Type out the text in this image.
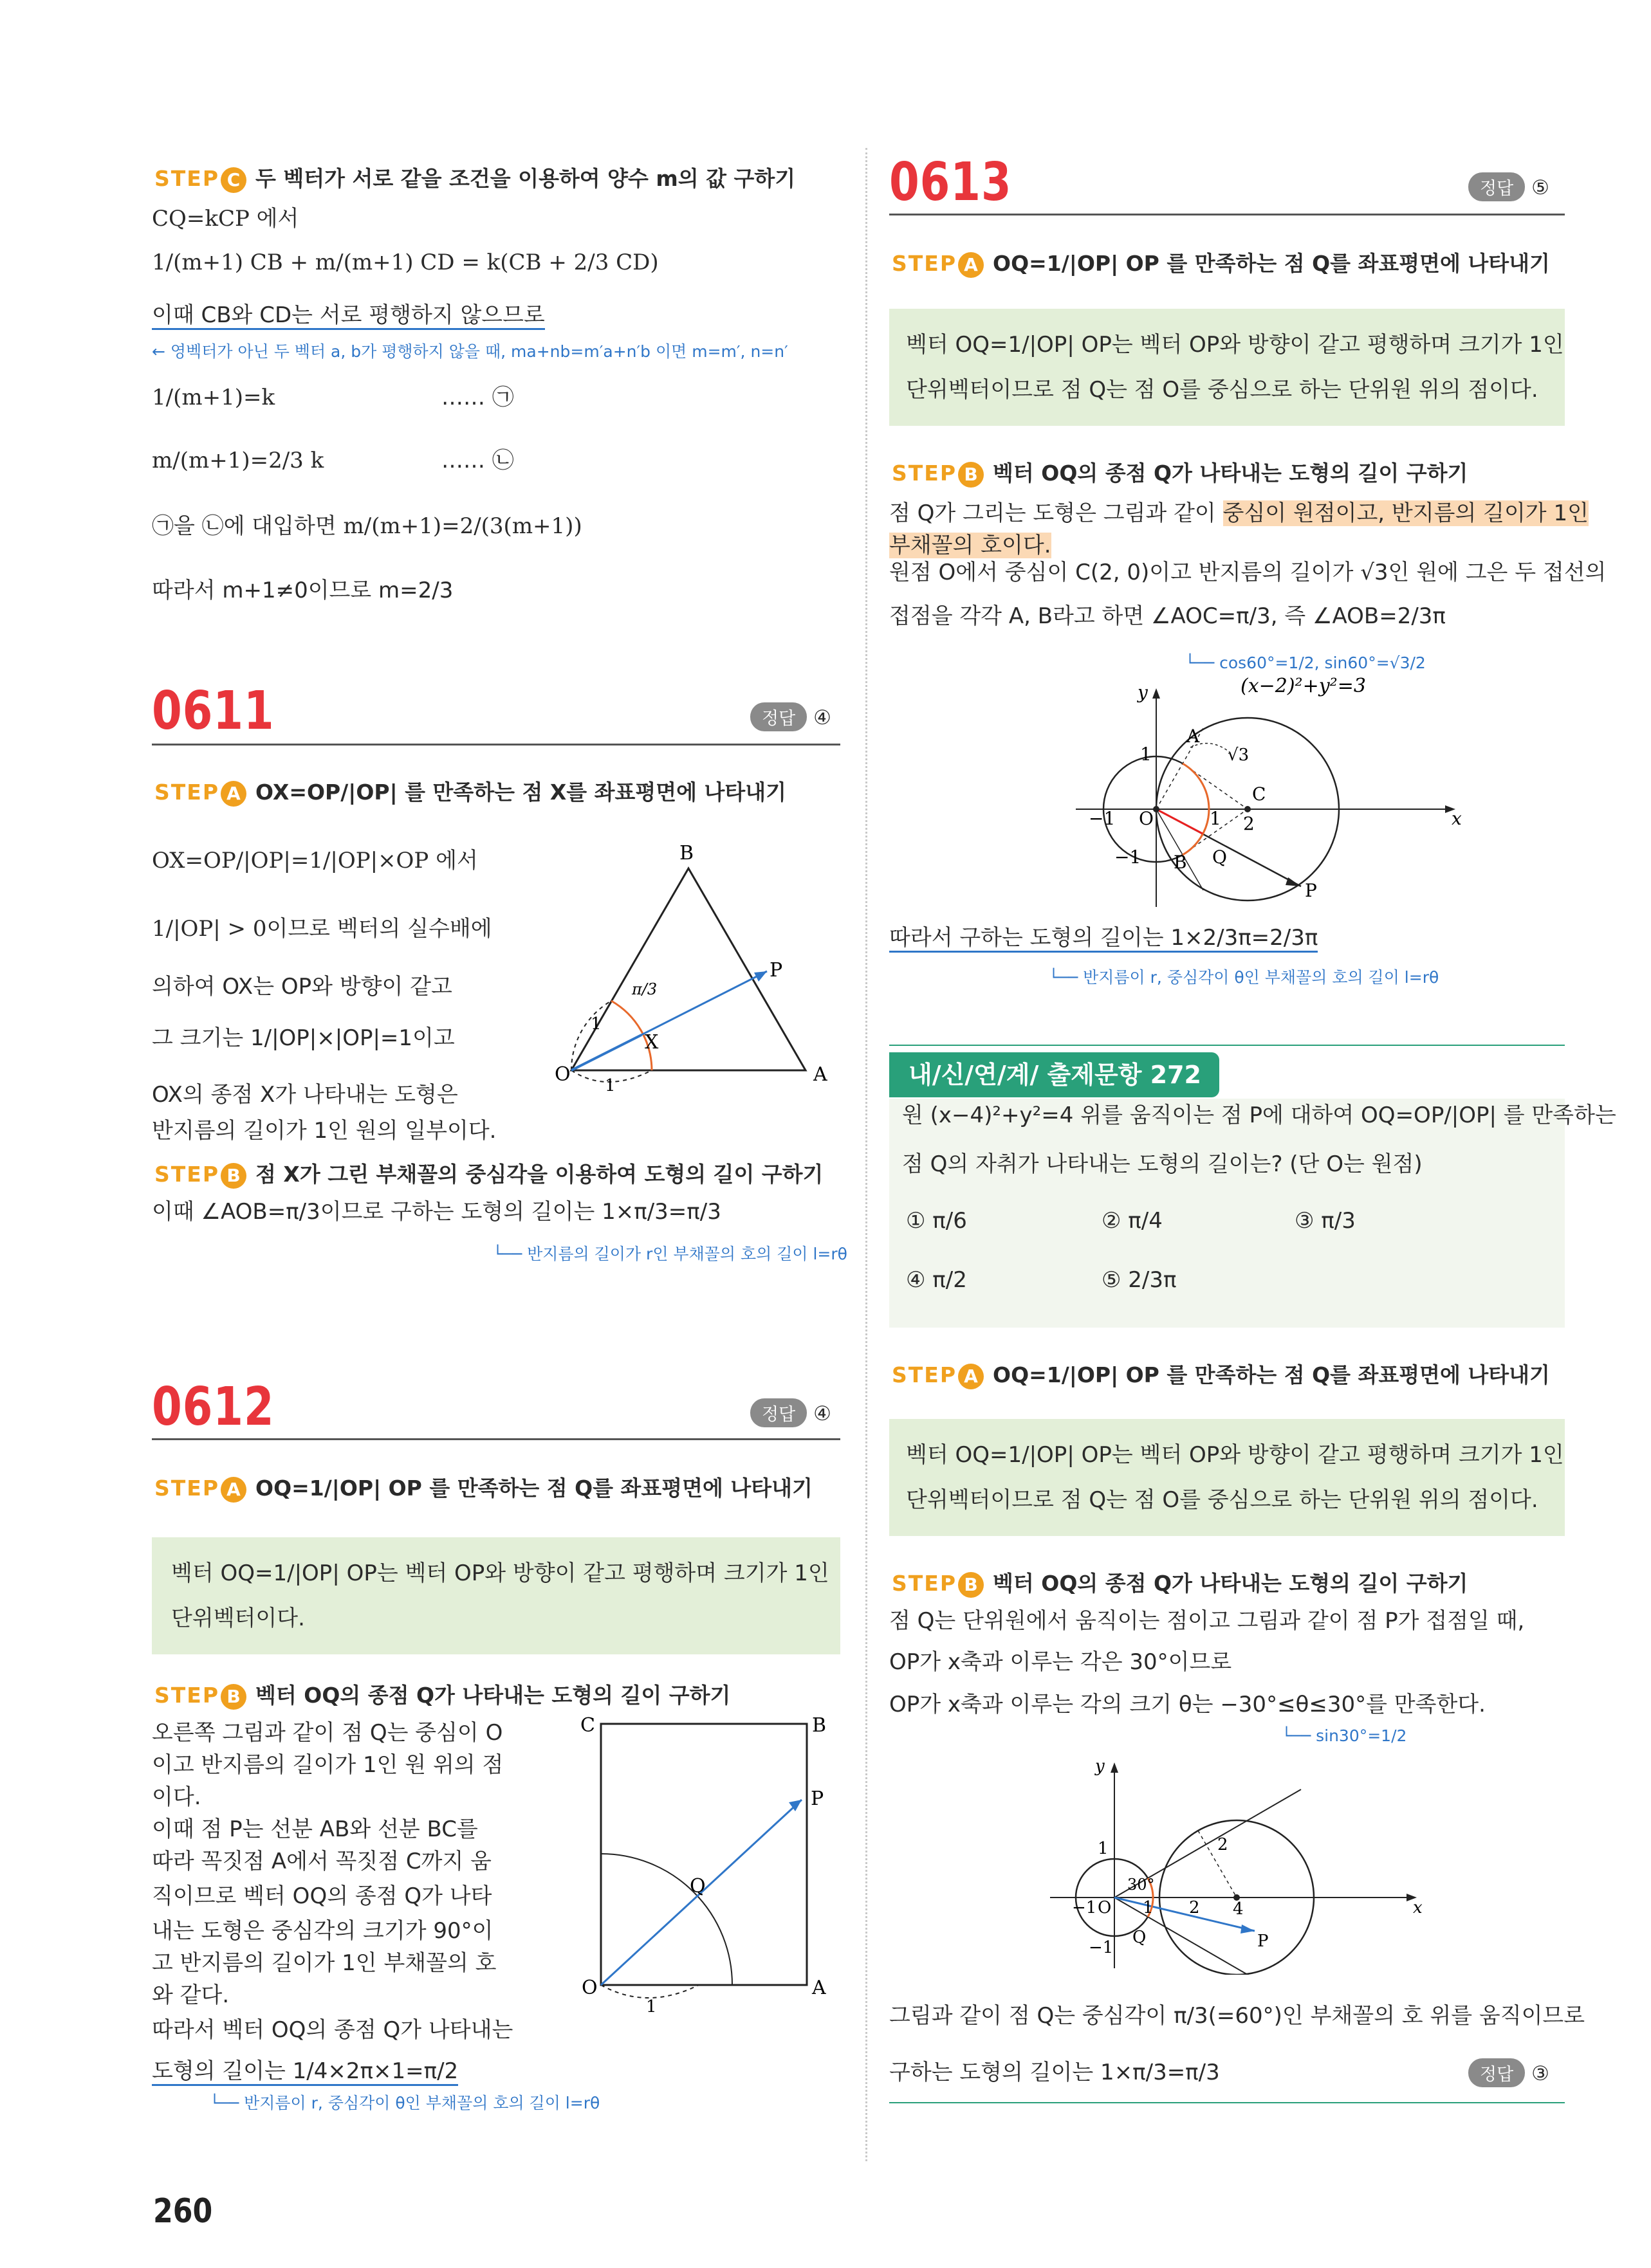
STEP C 두 벡터가 서로 같을 조건을 이용하여 양수 m의 값 구하기
CQ=kCP 에서
1/(m+1) CB + m/(m+1) CD = k(CB + 2/3 CD)
이때 CB와 CD는 서로 평행하지 않으므로
← 영벡터가 아닌 두 벡터 a, b가 평행하지 않을 때, ma+nb=m′a+n′b 이면 m=m′, n=n′
1/(m+1)=k	…… ㉠
m/(m+1)=2/3 k	…… ㉡
㉠을 ㉡에 대입하면 m/(m+1)=2/(3(m+1))
따라서 m+1≠0이므로 m=2/3
0611	정답 ④
STEP A OX=OP/|OP| 를 만족하는 점 X를 좌표평면에 나타내기
OX=OP/|OP|=1/|OP|×OP 에서
1/|OP| > 0이므로 벡터의 실수배에
의하여 OX는 OP와 방향이 같고
그 크기는 1/|OP|×|OP|=1이고
OX의 종점 X가 나타내는 도형은
반지름의 길이가 1인 원의 일부이다.
O	A
B
P
X
1
1
π/3
STEP B 점 X가 그린 부채꼴의 중심각을 이용하여 도형의 길이 구하기
이때 ∠AOB=π/3이므로 구하는 도형의 길이는 1×π/3=π/3
└── 반지름의 길이가 r인 부채꼴의 호의 길이 l=rθ
0612	정답 ④
STEP A OQ=1/|OP| OP 를 만족하는 점 Q를 좌표평면에 나타내기
벡터 OQ=1/|OP| OP는 벡터 OP와 방향이 같고 평행하며 크기가 1인
단위벡터이다.
STEP B 벡터 OQ의 종점 Q가 나타내는 도형의 길이 구하기
오른쪽 그림과 같이 점 Q는 중심이 O
이고 반지름의 길이가 1인 원 위의 점
이다.
이때 점 P는 선분 AB와 선분 BC를
따라 꼭짓점 A에서 꼭짓점 C까지 움
직이므로 벡터 OQ의 종점 Q가 나타
내는 도형은 중심각의 크기가 90°이
고 반지름의 길이가 1인 부채꼴의 호
와 같다.
따라서 벡터 OQ의 종점 Q가 나타내는
도형의 길이는 1/4×2π×1=π/2
└── 반지름이 r, 중심각이 θ인 부채꼴의 호의 길이 l=rθ
O	A
B
C
P
Q
1
0613	정답 ⑤
STEP A OQ=1/|OP| OP 를 만족하는 점 Q를 좌표평면에 나타내기
벡터 OQ=1/|OP| OP는 벡터 OP와 방향이 같고 평행하며 크기가 1인
단위벡터이므로 점 Q는 점 O를 중심으로 하는 단위원 위의 점이다.
STEP B 벡터 OQ의 종점 Q가 나타내는 도형의 길이 구하기
점 Q가 그리는 도형은 그림과 같이 중심이 원점이고, 반지름의 길이가 1인
부채꼴의 호이다.
원점 O에서 중심이 C(2, 0)이고 반지름의 길이가 √3인 원에 그은 두 접선의
접점을 각각 A, B라고 하면 ∠AOC=π/3, 즉 ∠AOB=2/3π
└── cos60°=1/2, sin60°=√3/2
(x−2)²+y²=3
y
x
O
−1
1
−1
A
B
C
1 2
√3
Q
P
따라서 구하는 도형의 길이는 1×2/3π=2/3π
└── 반지름이 r, 중심각이 θ인 부채꼴의 호의 길이 l=rθ
내/신/연/계/ 출제문항 272
원 (x−4)²+y²=4 위를 움직이는 점 P에 대하여 OQ=OP/|OP| 를 만족하는
점 Q의 자취가 나타내는 도형의 길이는? (단 O는 원점)
① π/6	② π/4	③ π/3
④ π/2	⑤ 2/3π
STEP A OQ=1/|OP| OP 를 만족하는 점 Q를 좌표평면에 나타내기
벡터 OQ=1/|OP| OP는 벡터 OP와 방향이 같고 평행하며 크기가 1인
단위벡터이므로 점 Q는 점 O를 중심으로 하는 단위원 위의 점이다.
STEP B 벡터 OQ의 종점 Q가 나타내는 도형의 길이 구하기
점 Q는 단위원에서 움직이는 점이고 그림과 같이 점 P가 접점일 때,
OP가 x축과 이루는 각은 30°이므로
OP가 x축과 이루는 각의 크기 θ는 −30°≤θ≤30°를 만족한다.
└── sin30°=1/2
y
x
O
−1
1
−1
1 2 4
2
30°
Q	P
그림과 같이 점 Q는 중심각이 π/3(=60°)인 부채꼴의 호 위를 움직이므로
구하는 도형의 길이는 1×π/3=π/3	정답 ③
260
